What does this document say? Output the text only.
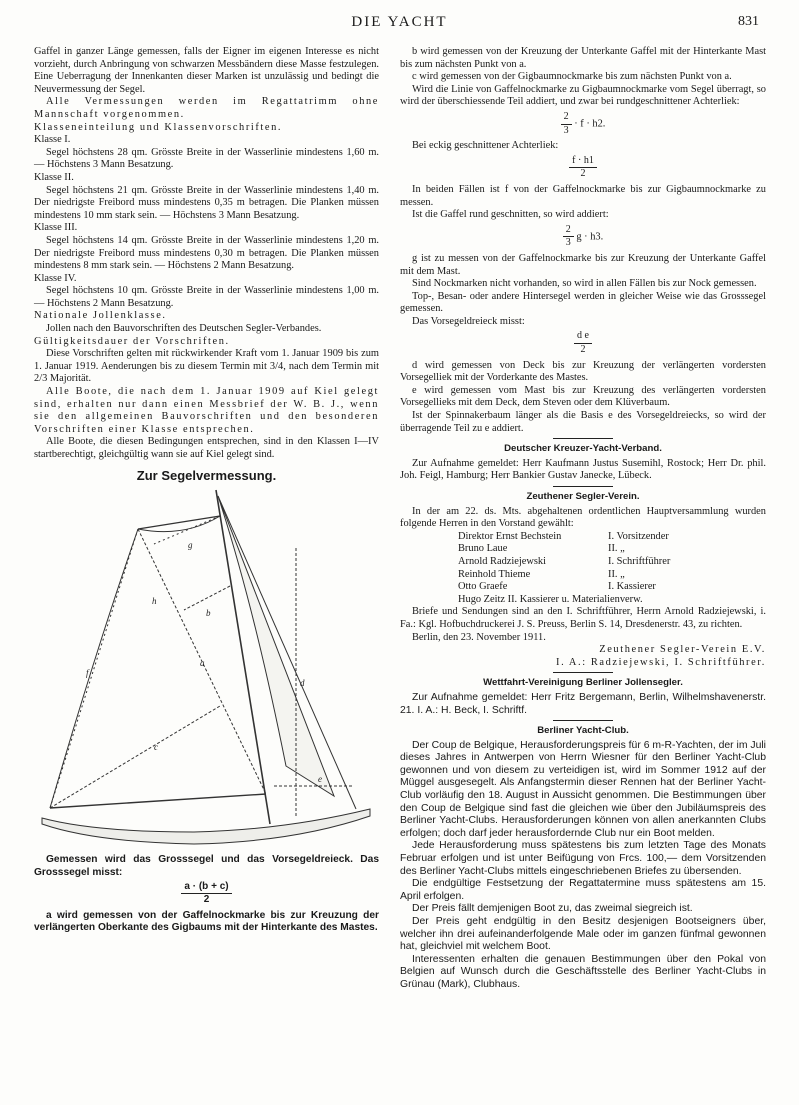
DIE YACHT	831

Gaffel in ganzer Länge gemessen, falls der Eigner im eigenen Interesse es nicht vorzieht, durch Anbringung von schwarzen Messbändern diese Masse festzulegen. Eine Ueberragung der Innenkanten dieser Marken ist unzulässig und bedingt die Neuvermessung der Segel.

Alle Vermessungen werden im Regattatrimm ohne Mannschaft vorgenommen.

Klasseneinteilung und Klassenvorschriften.

Klasse I.

Segel höchstens 28 qm. Grösste Breite in der Wasserlinie mindestens 1,60 m. — Höchstens 3 Mann Besatzung.

Klasse II.

Segel höchstens 21 qm. Grösste Breite in der Wasserlinie mindestens 1,40 m. Der niedrigste Freibord muss mindestens 0,35 m betragen. Die Planken müssen mindestens 10 mm stark sein. — Höchstens 3 Mann Besatzung.

Klasse III.

Segel höchstens 14 qm. Grösste Breite in der Wasserlinie mindestens 1,20 m. Der niedrigste Freibord muss mindestens 0,30 m betragen. Die Planken müssen mindestens 8 mm stark sein. — Höchstens 2 Mann Besatzung.

Klasse IV.

Segel höchstens 10 qm. Grösste Breite in der Wasserlinie mindestens 1,00 m. — Höchstens 2 Mann Besatzung.

Nationale Jollenklasse.

Jollen nach den Bauvorschriften des Deutschen Segler-Verbandes.

Gültigkeitsdauer der Vorschriften.

Diese Vorschriften gelten mit rückwirkender Kraft vom 1. Januar 1909 bis zum 1. Januar 1919. Aenderungen bis zu diesem Termin mit 3/4, nach dem Termin mit 2/3 Majorität.

Alle Boote, die nach dem 1. Januar 1909 auf Kiel gelegt sind, erhalten nur dann einen Messbrief der W. B. J., wenn sie den allgemeinen Bauvorschriften und den besonderen Vorschriften einer Klasse entsprechen.

Alle Boote, die diesen Bedingungen entsprechen, sind in den Klassen I—IV startberechtigt, gleichgültig wann sie auf Kiel gelegt sind.

Zur Segelvermessung.
a
b
c
d
e
f
g
h

Gemessen wird das Grosssegel und das Vorsegeldreieck. Das Grosssegel misst:

$\frac{a \cdot (b + c)}{2}$

a wird gemessen von der Gaffelnockmarke bis zur Kreuzung der verlängerten Oberkante des Gigbaums mit der Hinterkante des Mastes.

b wird gemessen von der Kreuzung der Unterkante Gaffel mit der Hinterkante Mast bis zum nächsten Punkt von a.

c wird gemessen von der Gigbaumnockmarke bis zum nächsten Punkt von a.

Wird die Linie von Gaffelnockmarke zu Gigbaumnockmarke vom Segel überragt, so wird der überschiessende Teil addiert, und zwar bei rundgeschnittener Achterliek:

$\frac{2}{3} \cdot f \cdot h2$.

Bei eckig geschnittener Achterliek:

$\frac{f \cdot h1}{2}$

In beiden Fällen ist f von der Gaffelnockmarke bis zur Gigbaumnockmarke zu messen.

Ist die Gaffel rund geschnitten, so wird addiert:

$\frac{2}{3}$ g · h3.

g ist zu messen von der Gaffelnockmarke bis zur Kreuzung der Unterkante Gaffel mit dem Mast.

Sind Nockmarken nicht vorhanden, so wird in allen Fällen bis zur Nock gemessen.

Top-, Besan- oder andere Hintersegel werden in gleicher Weise wie das Grosssegel gemessen.

Das Vorsegeldreieck misst:

$\frac{\text{d e}}{2}$

d wird gemessen von Deck bis zur Kreuzung der verlängerten vordersten Vorsegelliek mit der Vorderkante des Mastes.

e wird gemessen vom Mast bis zur Kreuzung des verlängerten vordersten Vorsegellieks mit dem Deck, dem Steven oder dem Klüverbaum.

Ist der Spinnakerbaum länger als die Basis e des Vorsegeldreiecks, so wird der überragende Teil zu e addiert.

Deutscher Kreuzer-Yacht-Verband.

Zur Aufnahme gemeldet: Herr Kaufmann Justus Susemihl, Rostock; Herr Dr. phil. Joh. Feigl, Hamburg; Herr Bankier Gustav Janecke, Lübeck.

Zeuthener Segler-Verein.

In der am 22. ds. Mts. abgehaltenen ordentlichen Hauptversammlung wurden folgende Herren in den Vorstand gewählt:

Direktor Ernst Bechstein	I. Vorsitzender
Bruno Laue	II. „
Arnold Radziejewski	I. Schriftführer
Reinhold Thieme	II. „
Otto Graefe	I. Kassierer
Hugo Zeitz II. Kassierer u. Materialienverw.

Briefe und Sendungen sind an den I. Schriftführer, Herrn Arnold Radziejewski, i. Fa.: Kgl. Hofbuchdruckerei J. S. Preuss, Berlin S. 14, Dresdenerstr. 43, zu richten.

Berlin, den 23. November 1911.

Zeuthener Segler-Verein E.V.
I. A.: Radziejewski, I. Schriftführer.
Wettfahrt-Vereinigung Berliner Jollensegler.

Zur Aufnahme gemeldet: Herr Fritz Bergemann, Berlin, Wilhelmshavenerstr. 21. I. A.: H. Beck, I. Schriftf.

Berliner Yacht-Club.

Der Coup de Belgique, Herausforderungspreis für 6 m-R-Yachten, der im Juli dieses Jahres in Antwerpen von Herrn Wiesner für den Berliner Yacht-Club gewonnen und von diesem zu verteidigen ist, wird im Sommer 1912 auf der Müggel ausgesegelt. Als Anfangstermin dieser Rennen hat der Berliner Yacht-Club vorläufig den 18. August in Aussicht genommen. Die Bestimmungen über den Coup de Belgique sind fast die gleichen wie über den Jubiläumspreis des Berliner Yacht-Clubs. Herausforderungen können von allen anerkannten Clubs erfolgen; doch darf jeder herausfordernde Club nur ein Boot melden.

Jede Herausforderung muss spätestens bis zum letzten Tage des Monats Februar erfolgen und ist unter Beifügung von Frcs. 100,— dem Vorsitzenden des Berliner Yacht-Clubs mittels eingeschriebenen Briefes zu übersenden.

Die endgültige Festsetzung der Regattatermine muss spätestens am 15. April erfolgen.

Der Preis fällt demjenigen Boot zu, das zweimal siegreich ist.

Der Preis geht endgültig in den Besitz desjenigen Bootseigners über, welcher ihn drei aufeinanderfolgende Male oder im ganzen fünfmal gewonnen hat, gleichviel mit welchem Boot.

Interessenten erhalten die genauen Bestimmungen über den Pokal von Belgien auf Wunsch durch die Geschäftsstelle des Berliner Yacht-Clubs in Grünau (Mark), Clubhaus.
